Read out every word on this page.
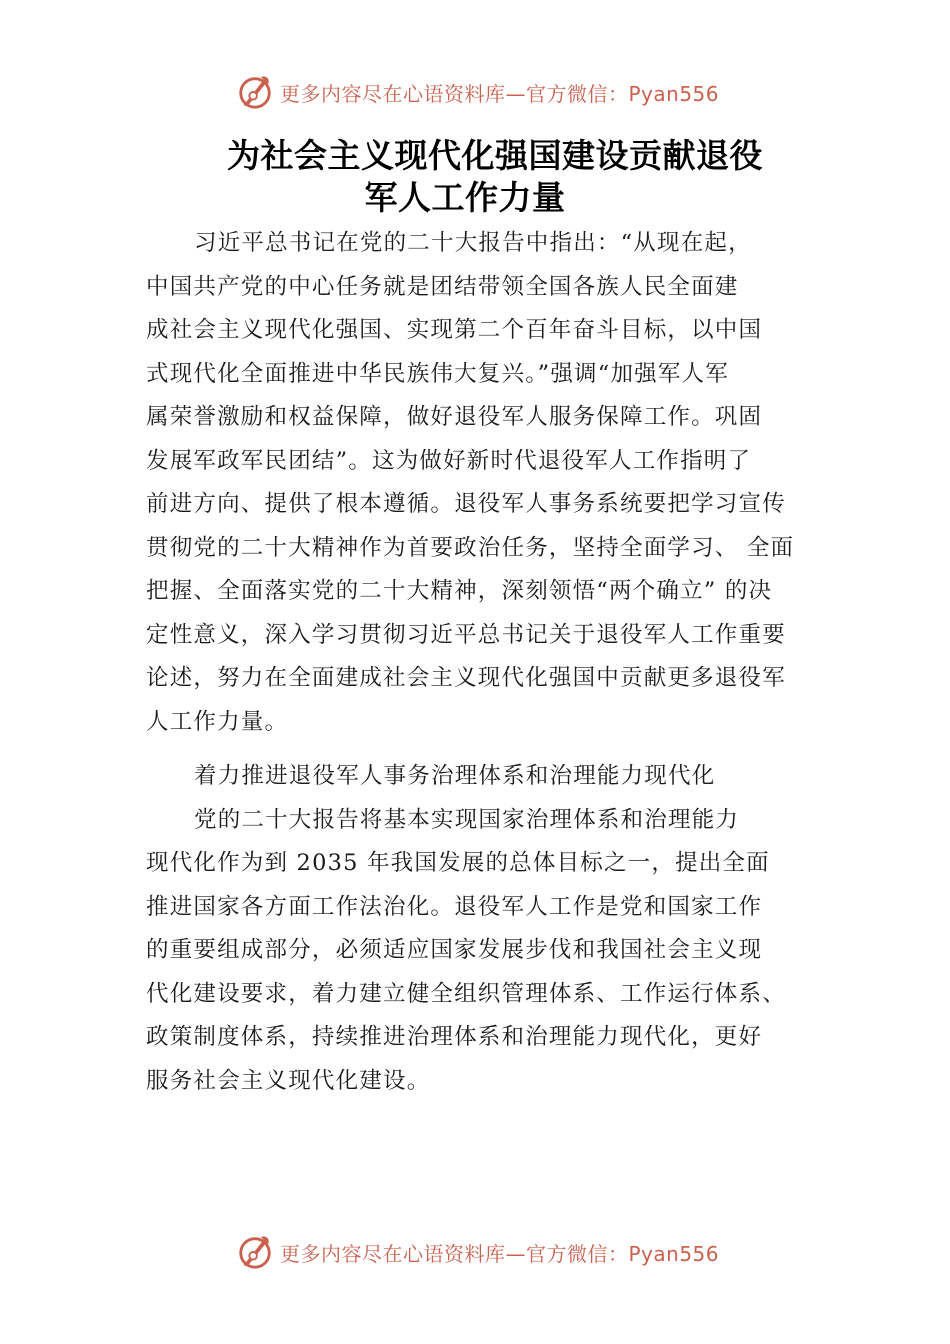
更多内容尽在心语资料库—官方微信：Pyan556
为社会主义现代化强国建设贡献退役
军人工作力量
习近平总书记在党的二十大报告中指出：“从现在起，
中国共产党的中心任务就是团结带领全国各族人民全面建
成社会主义现代化强国、实现第二个百年奋斗目标，以中国
式现代化全面推进中华民族伟大复兴。”强调“加强军人军
属荣誉激励和权益保障，做好退役军人服务保障工作。巩固
发展军政军民团结”。这为做好新时代退役军人工作指明了
前进方向、提供了根本遵循。退役军人事务系统要把学习宣传
贯彻党的二十大精神作为首要政治任务，坚持全面学习、 全面
把握、全面落实党的二十大精神，深刻领悟“两个确立” 的决
定性意义，深入学习贯彻习近平总书记关于退役军人工作重要
论述，努力在全面建成社会主义现代化强国中贡献更多退役军
人工作力量。
着力推进退役军人事务治理体系和治理能力现代化
党的二十大报告将基本实现国家治理体系和治理能力
现代化作为到 2035 年我国发展的总体目标之一，提出全面
推进国家各方面工作法治化。退役军人工作是党和国家工作
的重要组成部分，必须适应国家发展步伐和我国社会主义现
代化建设要求，着力建立健全组织管理体系、工作运行体系、
政策制度体系，持续推进治理体系和治理能力现代化，更好
服务社会主义现代化建设。
更多内容尽在心语资料库—官方微信：Pyan556
